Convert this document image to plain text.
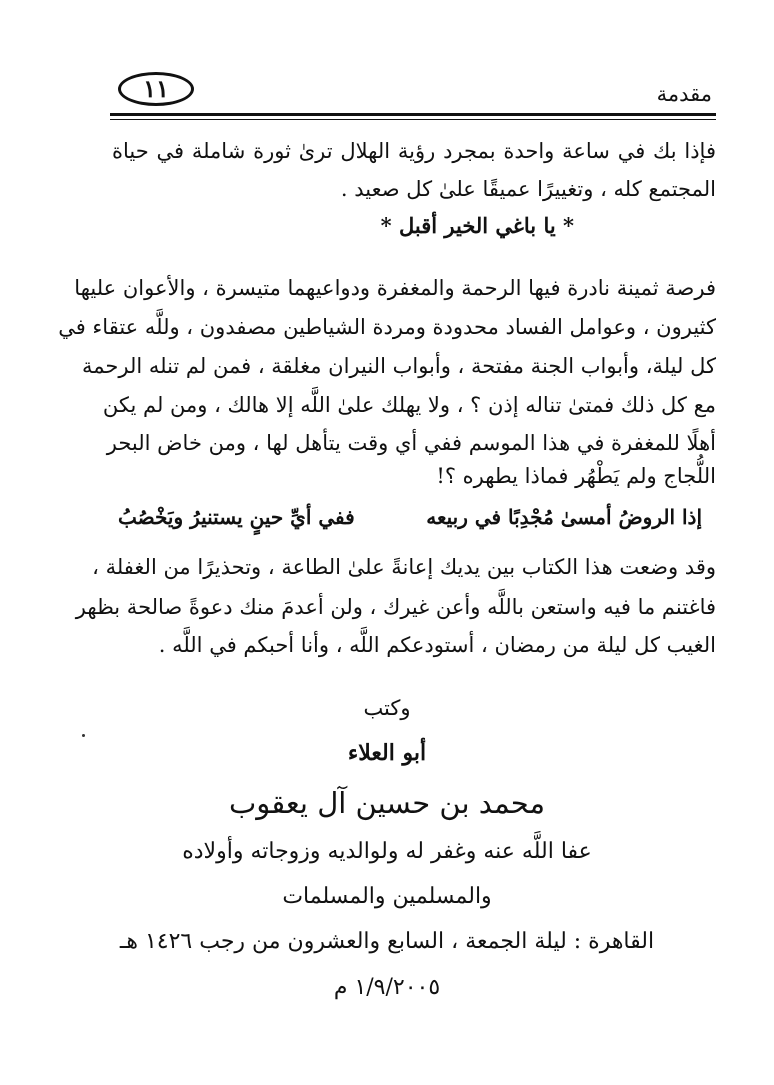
مقدمة
١١
فإذا بك في ساعة واحدة بمجرد رؤية الهلال ترىٰ ثورة شاملة في حياة
المجتمع كله ، وتغييرًا عميقًا علىٰ كل صعيد .
* يا باغي الخير أقبل *
فرصة ثمينة نادرة فيها الرحمة والمغفرة ودواعيهما متيسرة ، والأعوان عليها
كثيرون ، وعوامل الفساد محدودة ومردة الشياطين مصفدون ، وللَّه عتقاء في
كل ليلة، وأبواب الجنة مفتحة ، وأبواب النيران مغلقة ، فمن لم تنله الرحمة
مع كل ذلك فمتىٰ تناله إذن ؟ ، ولا يهلك علىٰ اللَّه إلا هالك ، ومن لم يكن
أهلًا للمغفرة في هذا الموسم ففي أي وقت يتأهل لها ، ومن خاض البحر
اللُّجاج ولم يَطْهُر فماذا يطهره ؟!
إذا الروضُ أمسىٰ مُجْدِبًا في ربيعه
ففي أيِّ حينٍ يستنيرُ ويَخْصُبُ
وقد وضعت هذا الكتاب بين يديك إعانةً علىٰ الطاعة ، وتحذيرًا من الغفلة ،
فاغتنم ما فيه واستعن باللَّه وأعن غيرك ، ولن أعدمَ منك دعوةً صالحة بظهر
الغيب كل ليلة من رمضان ، أستودعكم اللَّه ، وأنا أحبكم في اللَّه .
وكتب
أبو العلاء
محمد بن حسين آل يعقوب
عفا اللَّه عنه وغفر له ولوالديه وزوجاته وأولاده
والمسلمين والمسلمات
القاهرة : ليلة الجمعة ، السابع والعشرون من رجب ١٤٢٦ هـ
١/٩/٢٠٠٥ م
